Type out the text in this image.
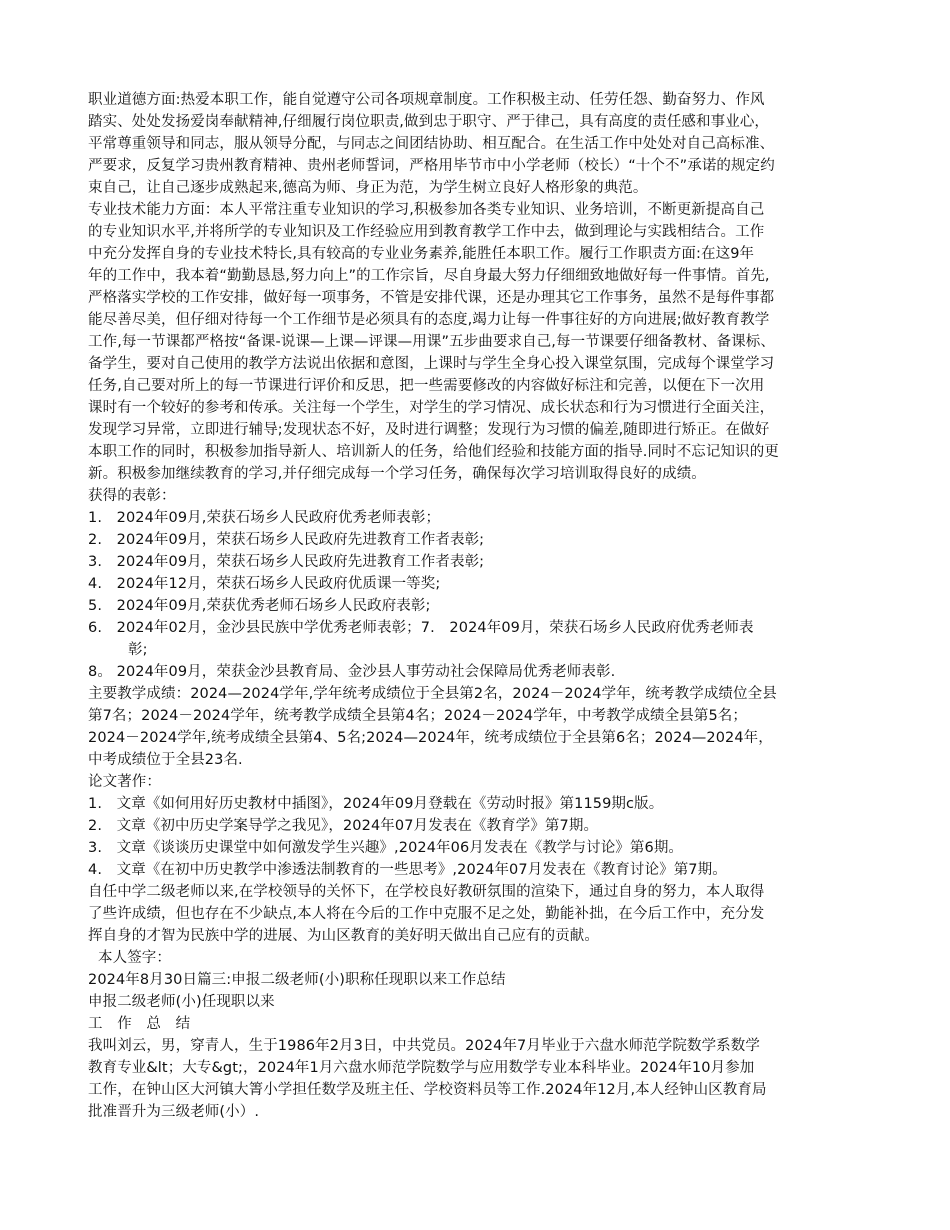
职业道德方面:热爱本职工作，能自觉遵守公司各项规章制度。工作积极主动、任劳任怨、勤奋努力、作风
踏实、处处发扬爱岗奉献精神,仔细履行岗位职责,做到忠于职守、严于律己，具有高度的责任感和事业心，
平常尊重领导和同志，服从领导分配，与同志之间团结协助、相互配合。在生活工作中处处对自己高标准、
严要求，反复学习贵州教育精神、贵州老师誓词，严格用毕节市中小学老师（校长）“十个不”承诺的规定约
束自己，让自己逐步成熟起来,德高为师、身正为范，为学生树立良好人格形象的典范。
专业技术能力方面：本人平常注重专业知识的学习,积极参加各类专业知识、业务培训，不断更新提高自己
的专业知识水平,并将所学的专业知识及工作经验应用到教育教学工作中去，做到理论与实践相结合。工作
中充分发挥自身的专业技术特长,具有较高的专业业务素养,能胜任本职工作。履行工作职责方面:在这9年
年的工作中，我本着“勤勤恳恳,努力向上”的工作宗旨，尽自身最大努力仔细细致地做好每一件事情。首先,
严格落实学校的工作安排，做好每一项事务，不管是安排代课，还是办理其它工作事务，虽然不是每件事都
能尽善尽美，但仔细对待每一个工作细节是必须具有的态度,竭力让每一件事往好的方向进展;做好教育教学
工作,每一节课都严格按“备课-说课—上课—评课—用课”五步曲要求自己,每一节课要仔细备教材、备课标、
备学生，要对自己使用的教学方法说出依据和意图，上课时与学生全身心投入课堂氛围，完成每个课堂学习
任务,自己要对所上的每一节课进行评价和反思，把一些需要修改的内容做好标注和完善，以便在下一次用
课时有一个较好的参考和传承。关注每一个学生，对学生的学习情况、成长状态和行为习惯进行全面关注，
发现学习异常，立即进行辅导;发现状态不好，及时进行调整；发现行为习惯的偏差,随即进行矫正。在做好
本职工作的同时，积极参加指导新人、培训新人的任务，给他们经验和技能方面的指导.同时不忘记知识的更
新。积极参加继续教育的学习,并仔细完成每一个学习任务，确保每次学习培训取得良好的成绩。
获得的表彰：
1.　2024年09月,荣获石场乡人民政府优秀老师表彰；
2.　2024年09月，荣获石场乡人民政府先进教育工作者表彰;
3.　2024年09月，荣获石场乡人民政府先进教育工作者表彰;
4.　2024年12月，荣获石场乡人民政府优质课一等奖;
5.　2024年09月,荣获优秀老师石场乡人民政府表彰;
6.　2024年02月，金沙县民族中学优秀老师表彰；7.　2024年09月，荣获石场乡人民政府优秀老师表
彰;
8。 2024年09月，荣获金沙县教育局、金沙县人事劳动社会保障局优秀老师表彰.
主要教学成绩：2024—2024学年,学年统考成绩位于全县第2名，2024－2024学年，统考教学成绩位全县
第7名；2024－2024学年，统考教学成绩全县第4名；2024－2024学年，中考教学成绩全县第5名；
2024－2024学年,统考成绩全县第4、5名;2024—2024年，统考成绩位于全县第6名；2024—2024年，
中考成绩位于全县23名.
论文著作：
1.　文章《如何用好历史教材中插图》，2024年09月登载在《劳动时报》第1159期c版。
2.　文章《初中历史学案导学之我见》，2024年07月发表在《教育学》第7期。
3.　文章《谈谈历史课堂中如何激发学生兴趣》,2024年06月发表在《教学与讨论》第6期。
4.　文章《在初中历史教学中渗透法制教育的一些思考》,2024年07月发表在《教育讨论》第7期。
自任中学二级老师以来,在学校领导的关怀下，在学校良好教研氛围的渲染下，通过自身的努力，本人取得
了些许成绩，但也存在不少缺点,本人将在今后的工作中克服不足之处，勤能补拙，在今后工作中，充分发
挥自身的才智为民族中学的进展、为山区教育的美好明天做出自己应有的贡献。
本人签字：
2024年8月30日篇三:申报二级老师(小)职称任现职以来工作总结
申报二级老师(小)任现职以来
工　作　总　结
我叫刘云，男，穿青人，生于1986年2月3日，中共党员。2024年7月毕业于六盘水师范学院数学系数学
教育专业&lt；大专&gt;，2024年1月六盘水师范学院数学与应用数学专业本科毕业。2024年10月参加
工作，在钟山区大河镇大箐小学担任数学及班主任、学校资料员等工作.2024年12月,本人经钟山区教育局
批准晋升为三级老师(小）.
